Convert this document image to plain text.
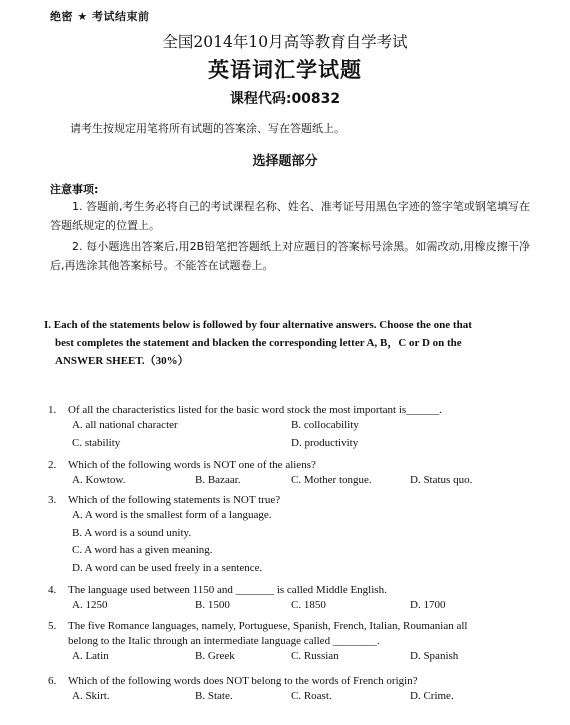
绝密 ★ 考试结束前
全国2014年10月高等教育自学考试
英语词汇学试题
课程代码:00832
请考生按规定用笔将所有试题的答案涂、写在答题纸上。
选择题部分
注意事项:
1. 答题前,考生务必将自己的考试课程名称、姓名、准考证号用黑色字迹的签字笔或钢笔填写在答题纸规定的位置上。
2. 每小题选出答案后,用2B铅笔把答题纸上对应题目的答案标号涂黑。如需改动,用橡皮擦干净后,再选涂其他答案标号。不能答在试题卷上。
I. Each of the statements below is followed by four alternative answers. Choose the one that
best completes the statement and blacken the corresponding letter A, B，C or D on the
ANSWER SHEET.（30%）
1. Of all the characteristics listed for the basic word stock the most important is______.
A. all national character	B. collocability
C. stability	D. productivity
2. Which of the following words is NOT one of the aliens?
A. Kowtow.	B. Bazaar.	C. Mother tongue.	D. Status quo.
3. Which of the following statements is NOT true?
A. A word is the smallest form of a language.
B. A word is a sound unity.
C. A word has a given meaning.
D. A word can be used freely in a sentence.
4. The language used between 1150 and _______ is called Middle English.
A. 1250	B. 1500	C. 1850	D. 1700
5. The five Romance languages, namely, Portuguese, Spanish, French, Italian, Roumanian all
belong to the Italic through an intermediate language called ________.
A. Latin	B. Greek	C. Russian	D. Spanish
6. Which of the following words does NOT belong to the words of French origin?
A. Skirt.	B. State.	C. Roast.	D. Crime.
